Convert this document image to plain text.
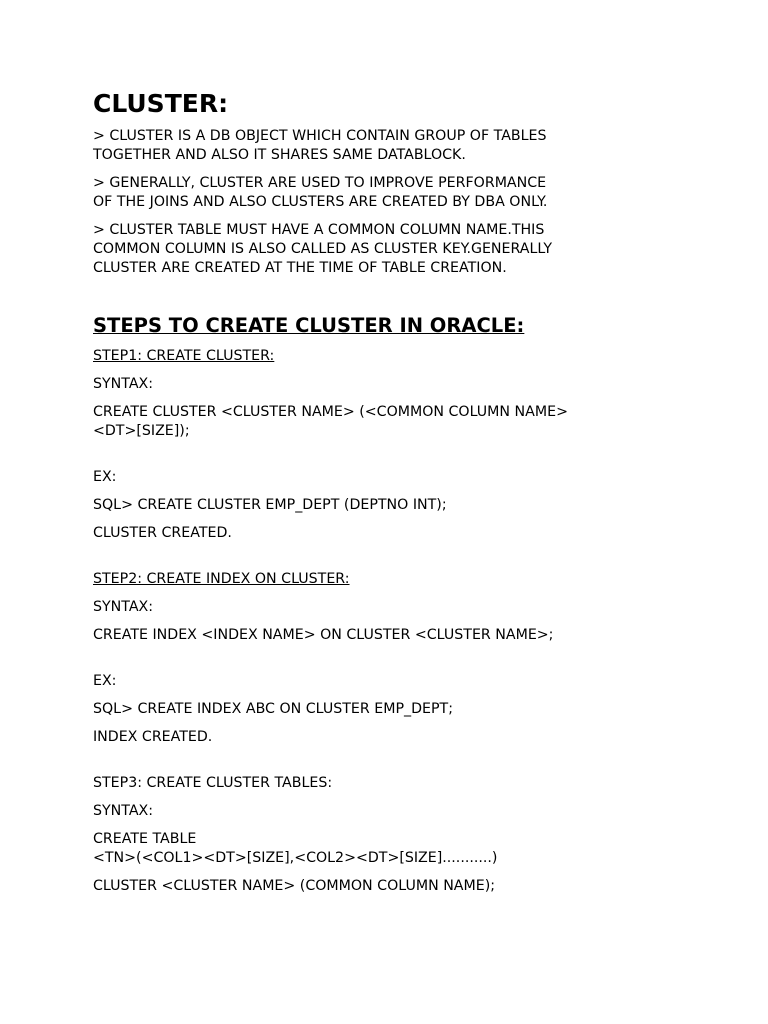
CLUSTER:
> CLUSTER IS A DB OBJECT WHICH CONTAIN GROUP OF TABLES
TOGETHER AND ALSO IT SHARES SAME DATABLOCK.
> GENERALLY, CLUSTER ARE USED TO IMPROVE PERFORMANCE
OF THE JOINS AND ALSO CLUSTERS ARE CREATED BY DBA ONLY.
> CLUSTER TABLE MUST HAVE A COMMON COLUMN NAME.THIS
COMMON COLUMN IS ALSO CALLED AS CLUSTER KEY.GENERALLY
CLUSTER ARE CREATED AT THE TIME OF TABLE CREATION.
STEPS TO CREATE CLUSTER IN ORACLE:
STEP1: CREATE CLUSTER:
SYNTAX:
CREATE CLUSTER <CLUSTER NAME> (<COMMON COLUMN NAME>
<DT>[SIZE]);
EX:
SQL> CREATE CLUSTER EMP_DEPT (DEPTNO INT);
CLUSTER CREATED.
STEP2: CREATE INDEX ON CLUSTER:
SYNTAX:
CREATE INDEX <INDEX NAME> ON CLUSTER <CLUSTER NAME>;
EX:
SQL> CREATE INDEX ABC ON CLUSTER EMP_DEPT;
INDEX CREATED.
STEP3: CREATE CLUSTER TABLES:
SYNTAX:
CREATE TABLE
<TN>(<COL1><DT>[SIZE],<COL2><DT>[SIZE]...........)
CLUSTER <CLUSTER NAME> (COMMON COLUMN NAME);
